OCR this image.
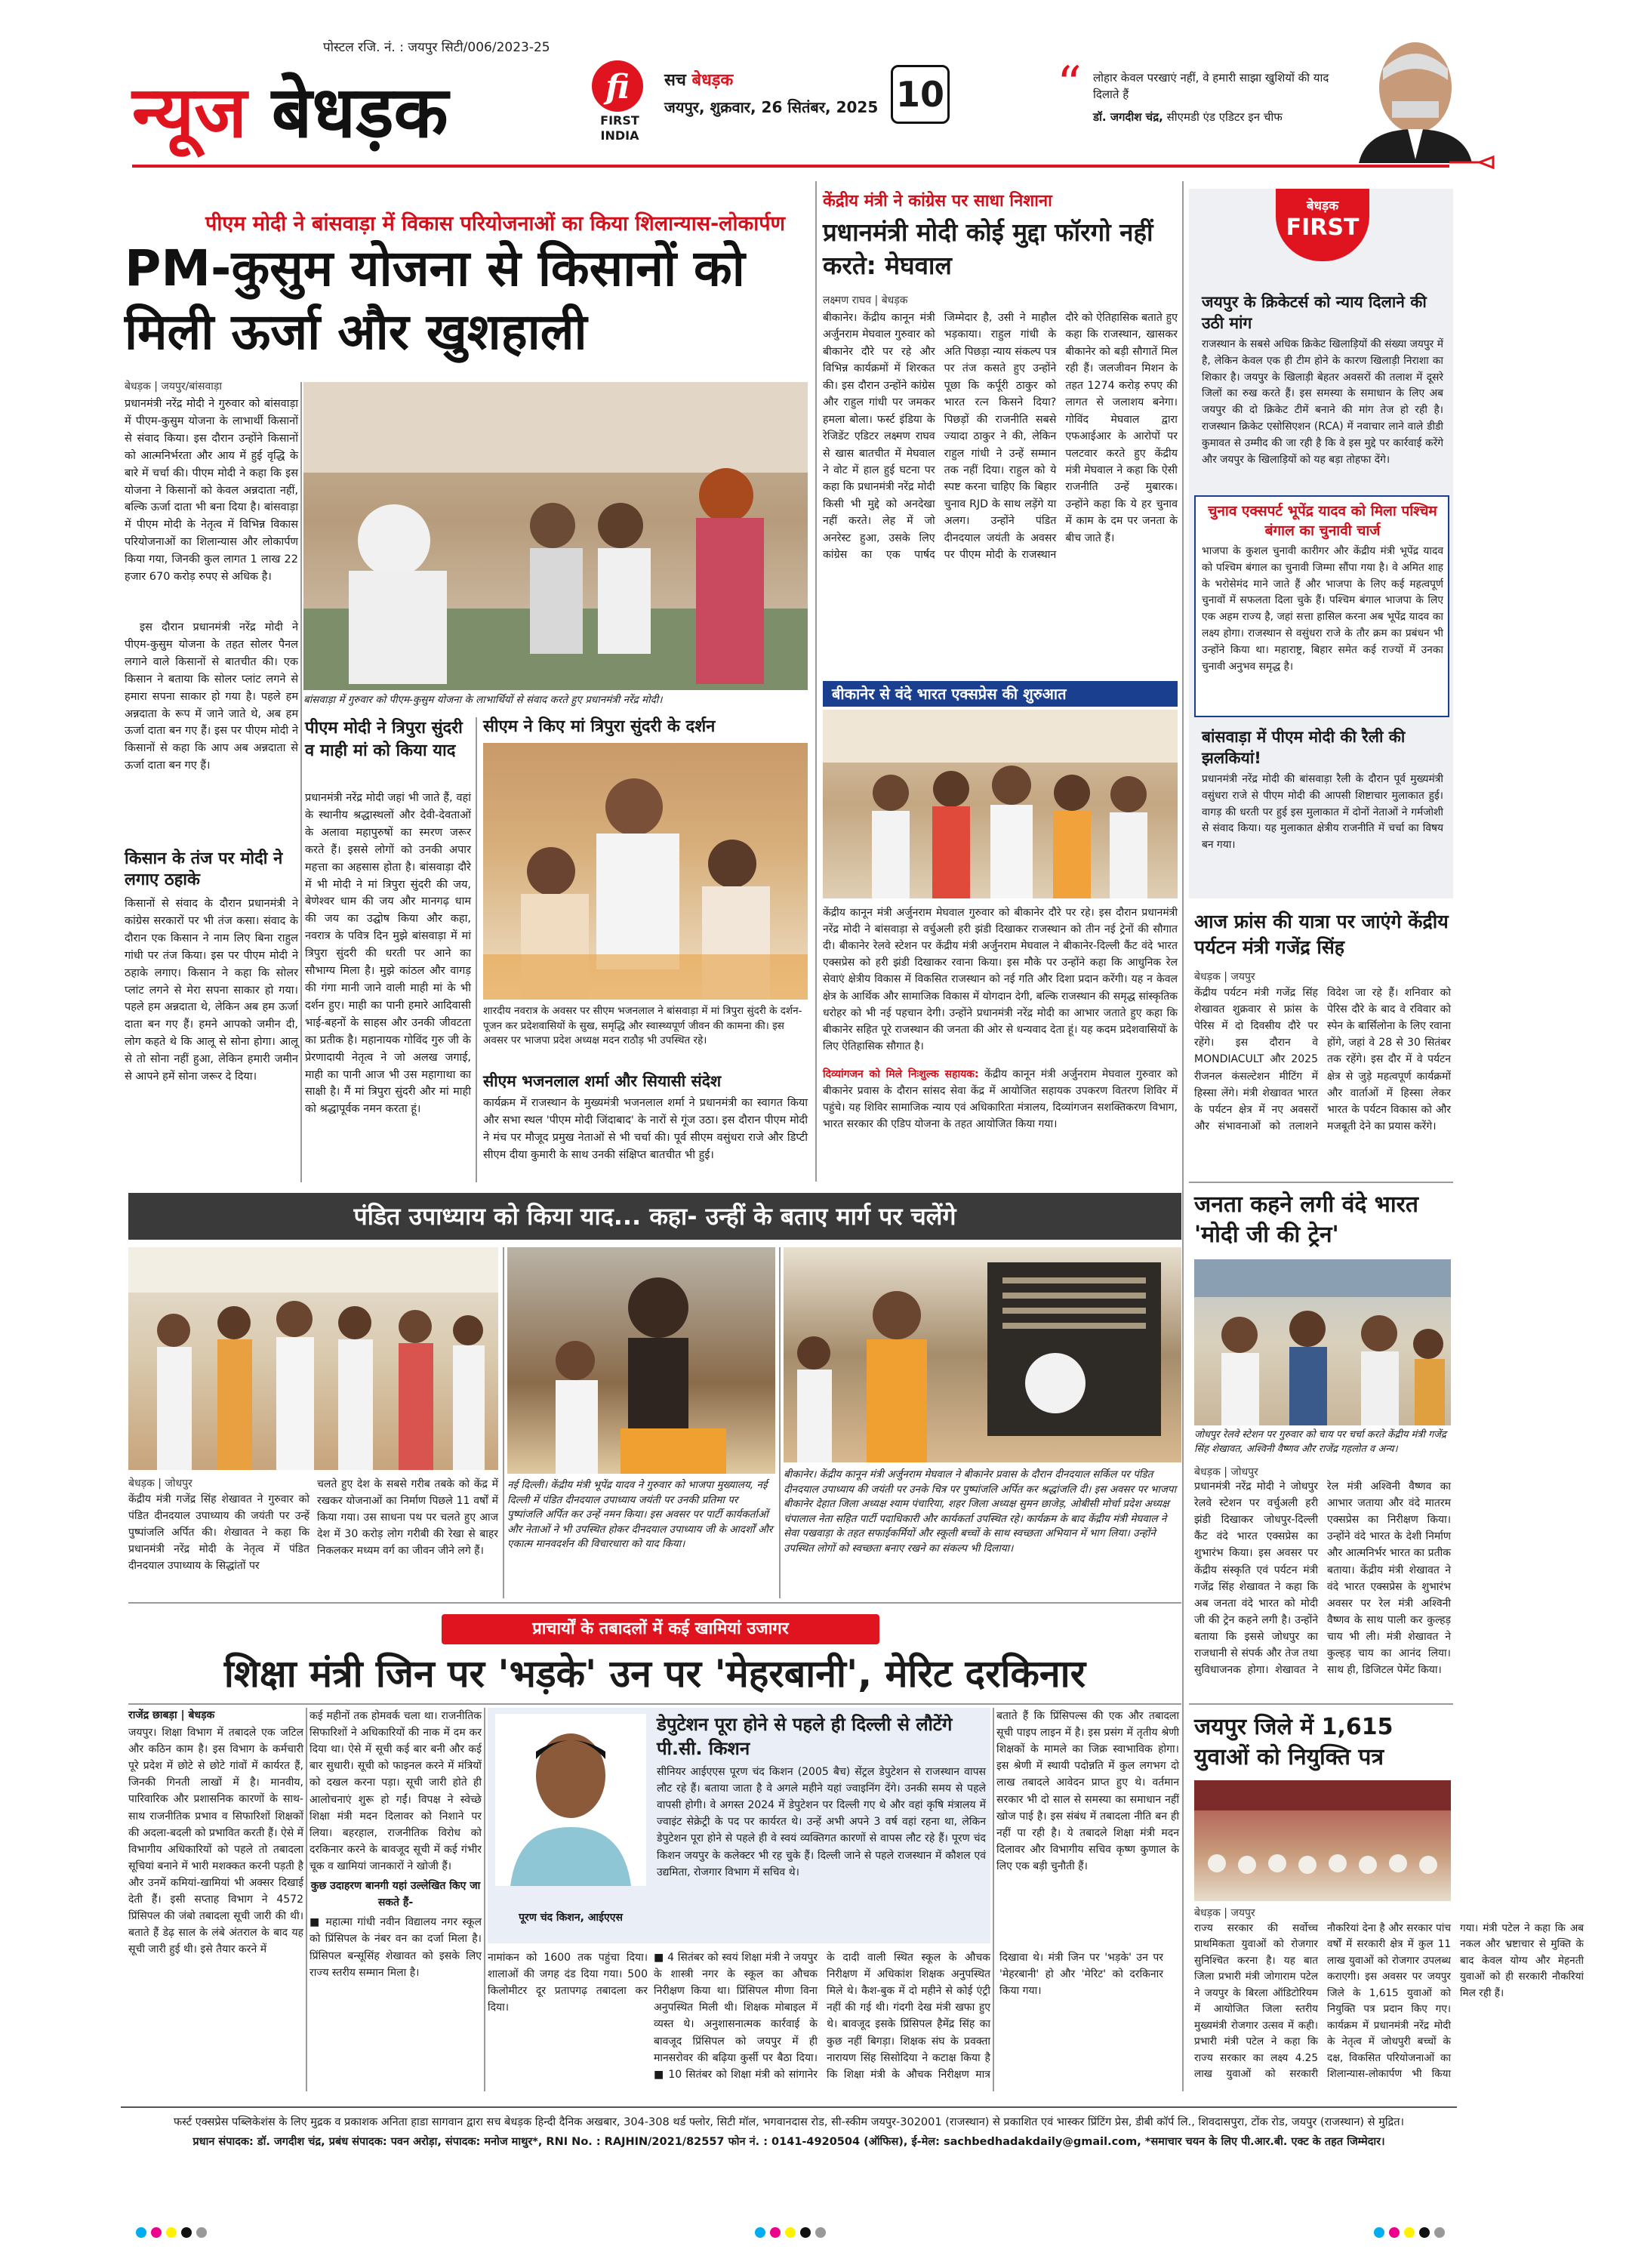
पोस्टल रजि. नं. : जयपुर सिटी/006/2023-25
न्यूज बेधड़क	fi
FIRST INDIA
सच बेधड़क
जयपुर, शुक्रवार, 26 सितंबर, 2025 10 “	लोहार केवल परखाएं नहीं, वे हमारी साझा खुशियों की याद दिलाते हैं
डॉ. जगदीश चंद्र, सीएमडी एंड एडिटर इन चीफ
पीएम मोदी ने बांसवाड़ा में विकास परियोजनाओं का किया शिलान्यास-लोकार्पण
PM-कुसुम योजना से किसानों को मिली ऊर्जा और खुशहाली
बेधड़क | जयपुर/बांसवाड़ा
प्रधानमंत्री नरेंद्र मोदी ने गुरुवार को बांसवाड़ा में पीएम-कुसुम योजना के लाभार्थी किसानों से संवाद किया। इस दौरान उन्होंने किसानों को आत्मनिर्भरता और आय में हुई वृद्धि के बारे में चर्चा की। पीएम मोदी ने कहा कि इस योजना ने किसानों को केवल अन्नदाता नहीं, बल्कि ऊर्जा दाता भी बना दिया है। बांसवाड़ा में पीएम मोदी के नेतृत्व में विभिन्न विकास परियोजनाओं का शिलान्यास और लोकार्पण किया गया, जिनकी कुल लागत 1 लाख 22 हजार 670 करोड़ रुपए से अधिक है।
इस दौरान प्रधानमंत्री नरेंद्र मोदी ने पीएम-कुसुम योजना के तहत सोलर पैनल लगाने वाले किसानों से बातचीत की। एक किसान ने बताया कि सोलर प्लांट लगने से हमारा सपना साकार हो गया है। पहले हम अन्नदाता के रूप में जाने जाते थे, अब हम ऊर्जा दाता बन गए हैं। इस पर पीएम मोदी ने किसानों से कहा कि आप अब अन्नदाता से ऊर्जा दाता बन गए हैं।
किसान के तंज पर मोदी ने लगाए ठहाके
किसानों से संवाद के दौरान प्रधानमंत्री ने कांग्रेस सरकारों पर भी तंज कसा। संवाद के दौरान एक किसान ने नाम लिए बिना राहुल गांधी पर तंज किया। इस पर पीएम मोदी ने ठहाके लगाए। किसान ने कहा कि सोलर प्लांट लगने से मेरा सपना साकार हो गया। पहले हम अन्नदाता थे, लेकिन अब हम ऊर्जा दाता बन गए हैं। हमने आपको जमीन दी, लोग कहते थे कि आलू से सोना होगा। आलू से तो सोना नहीं हुआ, लेकिन हमारी जमीन से आपने हमें सोना जरूर दे दिया।
बांसवाड़ा में गुरुवार को पीएम-कुसुम योजना के लाभार्थियों से संवाद करते हुए प्रधानमंत्री नरेंद्र मोदी।
पीएम मोदी ने त्रिपुरा सुंदरी व माही मां को किया याद
प्रधानमंत्री नरेंद्र मोदी जहां भी जाते हैं, वहां के स्थानीय श्रद्धास्थलों और देवी-देवताओं के अलावा महापुरुषों का स्मरण जरूर करते हैं। इससे लोगों को उनकी अपार महत्ता का अहसास होता है। बांसवाड़ा दौरे में भी मोदी ने मां त्रिपुरा सुंदरी की जय, बेणेश्वर धाम की जय और मानगढ़ धाम की जय का उद्घोष किया और कहा, नवरात्र के पवित्र दिन मुझे बांसवाड़ा में मां त्रिपुरा सुंदरी की धरती पर आने का सौभाग्य मिला है। मुझे कांठल और वागड़ की गंगा मानी जाने वाली माही मां के भी दर्शन हुए। माही का पानी हमारे आदिवासी भाई-बहनों के साहस और उनकी जीवटता का प्रतीक है। महानायक गोविंद गुरु जी के प्रेरणादायी नेतृत्व ने जो अलख जगाई, माही का पानी आज भी उस महागाथा का साक्षी है। मैं मां त्रिपुरा सुंदरी और मां माही को श्रद्धापूर्वक नमन करता हूं।
सीएम ने किए मां त्रिपुरा सुंदरी के दर्शन
शारदीय नवरात्र के अवसर पर सीएम भजनलाल ने बांसवाड़ा में मां त्रिपुरा सुंदरी के दर्शन-पूजन कर प्रदेशवासियों के सुख, समृद्धि और स्वास्थ्यपूर्ण जीवन की कामना की। इस अवसर पर भाजपा प्रदेश अध्यक्ष मदन राठौड़ भी उपस्थित रहे।
सीएम भजनलाल शर्मा और सियासी संदेश
कार्यक्रम में राजस्थान के मुख्यमंत्री भजनलाल शर्मा ने प्रधानमंत्री का स्वागत किया और सभा स्थल 'पीएम मोदी जिंदाबाद' के नारों से गूंज उठा। इस दौरान पीएम मोदी ने मंच पर मौजूद प्रमुख नेताओं से भी चर्चा की। पूर्व सीएम वसुंधरा राजे और डिप्टी सीएम दीया कुमारी के साथ उनकी संक्षिप्त बातचीत भी हुई।
केंद्रीय मंत्री ने कांग्रेस पर साधा निशाना
प्रधानमंत्री मोदी कोई मुद्दा फॉरगो नहीं करते: मेघवाल
लक्ष्मण राघव | बेधड़क
बीकानेर। केंद्रीय कानून मंत्री अर्जुनराम मेघवाल गुरुवार को बीकानेर दौरे पर रहे और विभिन्न कार्यक्रमों में शिरकत की। इस दौरान उन्होंने कांग्रेस और राहुल गांधी पर जमकर हमला बोला। फर्स्ट इंडिया के रेजिडेंट एडिटर लक्ष्मण राघव से खास बातचीत में मेघवाल ने वोट में हाल हुई घटना पर कहा कि प्रधानमंत्री नरेंद्र मोदी किसी भी मुद्दे को अनदेखा नहीं करते। लेह में जो अनरेस्ट हुआ, उसके लिए कांग्रेस का एक पार्षद जिम्मेदार है, उसी ने माहौल भड़काया। राहुल गांधी के अति पिछड़ा न्याय संकल्प पत्र पर तंज कसते हुए उन्होंने पूछा कि कर्पूरी ठाकुर को भारत रत्न किसने दिया? पिछड़ों की राजनीति सबसे ज्यादा ठाकुर ने की, लेकिन राहुल गांधी ने उन्हें सम्मान तक नहीं दिया। राहुल को ये स्पष्ट करना चाहिए कि बिहार चुनाव RJD के साथ लड़ेंगे या अलग। उन्होंने पंडित दीनदयाल जयंती के अवसर पर पीएम मोदी के राजस्थान दौरे को ऐतिहासिक बताते हुए कहा कि राजस्थान, खासकर बीकानेर को बड़ी सौगातें मिल रही हैं। जलजीवन मिशन के तहत 1274 करोड़ रुपए की लागत से जलाशय बनेगा। गोविंद मेघवाल द्वारा एफआईआर के आरोपों पर पलटवार करते हुए केंद्रीय मंत्री मेघवाल ने कहा कि ऐसी राजनीति उन्हें मुबारक। उन्होंने कहा कि ये हर चुनाव में काम के दम पर जनता के बीच जाते हैं।
बीकानेर से वंदे भारत एक्सप्रेस की शुरुआत
केंद्रीय कानून मंत्री अर्जुनराम मेघवाल गुरुवार को बीकानेर दौरे पर रहे। इस दौरान प्रधानमंत्री नरेंद्र मोदी ने बांसवाड़ा से वर्चुअली हरी झंडी दिखाकर राजस्थान को तीन नई ट्रेनों की सौगात दी। बीकानेर रेलवे स्टेशन पर केंद्रीय मंत्री अर्जुनराम मेघवाल ने बीकानेर-दिल्ली कैंट वंदे भारत एक्सप्रेस को हरी झंडी दिखाकर रवाना किया। इस मौके पर उन्होंने कहा कि आधुनिक रेल सेवाएं क्षेत्रीय विकास में विकसित राजस्थान को नई गति और दिशा प्रदान करेंगी। यह न केवल क्षेत्र के आर्थिक और सामाजिक विकास में योगदान देगी, बल्कि राजस्थान की समृद्ध सांस्कृतिक धरोहर को भी नई पहचान देगी। उन्होंने प्रधानमंत्री नरेंद्र मोदी का आभार जताते हुए कहा कि बीकानेर सहित पूरे राजस्थान की जनता की ओर से धन्यवाद देता हूं। यह कदम प्रदेशवासियों के लिए ऐतिहासिक सौगात है।
दिव्यांगजन को मिले निःशुल्क सहायक: केंद्रीय कानून मंत्री अर्जुनराम मेघवाल गुरुवार को बीकानेर प्रवास के दौरान सांसद सेवा केंद्र में आयोजित सहायक उपकरण वितरण शिविर में पहुंचे। यह शिविर सामाजिक न्याय एवं अधिकारिता मंत्रालय, दिव्यांगजन सशक्तिकरण विभाग, भारत सरकार की एडिप योजना के तहत आयोजित किया गया।
बेधड़क
FIRST
जयपुर के क्रिकेटर्स को न्याय दिलाने की उठी मांग
राजस्थान के सबसे अधिक क्रिकेट खिलाड़ियों की संख्या जयपुर में है, लेकिन केवल एक ही टीम होने के कारण खिलाड़ी निराशा का शिकार है। जयपुर के खिलाड़ी बेहतर अवसरों की तलाश में दूसरे जिलों का रुख करते हैं। इस समस्या के समाधान के लिए अब जयपुर की दो क्रिकेट टीमें बनाने की मांग तेज हो रही है। राजस्थान क्रिकेट एसोसिएशन (RCA) में नवाचार लाने वाले डीडी कुमावत से उम्मीद की जा रही है कि वे इस मुद्दे पर कार्रवाई करेंगे और जयपुर के खिलाड़ियों को यह बड़ा तोहफा देंगे।
चुनाव एक्सपर्ट भूपेंद्र यादव को मिला पश्चिम बंगाल का चुनावी चार्ज
भाजपा के कुशल चुनावी कारीगर और केंद्रीय मंत्री भूपेंद्र यादव को पश्चिम बंगाल का चुनावी जिम्मा सौंपा गया है। वे अमित शाह के भरोसेमंद माने जाते हैं और भाजपा के लिए कई महत्वपूर्ण चुनावों में सफलता दिला चुके हैं। पश्चिम बंगाल भाजपा के लिए एक अहम राज्य है, जहां सत्ता हासिल करना अब भूपेंद्र यादव का लक्ष्य होगा। राजस्थान से वसुंधरा राजे के तौर क्रम का प्रबंधन भी उन्होंने किया था। महाराष्ट्र, बिहार समेत कई राज्यों में उनका चुनावी अनुभव समृद्ध है।
बांसवाड़ा में पीएम मोदी की रैली की झलकियां!
प्रधानमंत्री नरेंद्र मोदी की बांसवाड़ा रैली के दौरान पूर्व मुख्यमंत्री वसुंधरा राजे से पीएम मोदी की आपसी शिष्टाचार मुलाकात हुई। वागड़ की धरती पर हुई इस मुलाकात में दोनों नेताओं ने गर्मजोशी से संवाद किया। यह मुलाकात क्षेत्रीय राजनीति में चर्चा का विषय बन गया।
आज फ्रांस की यात्रा पर जाएंगे केंद्रीय पर्यटन मंत्री गजेंद्र सिंह
बेधड़क | जयपुर
केंद्रीय पर्यटन मंत्री गजेंद्र सिंह शेखावत शुक्रवार से फ्रांस के पेरिस में दो दिवसीय दौरे पर रहेंगे। इस दौरान वे MONDIACULT और 2025 रीजनल कंसल्टेशन मीटिंग में हिस्सा लेंगे। मंत्री शेखावत भारत के पर्यटन क्षेत्र में नए अवसरों और संभावनाओं को तलाशने विदेश जा रहे हैं। शनिवार को पेरिस दौरे के बाद वे रविवार को स्पेन के बार्सिलोना के लिए रवाना होंगे, जहां वे 28 से 30 सितंबर तक रहेंगे। इस दौर में वे पर्यटन क्षेत्र से जुड़े महत्वपूर्ण कार्यक्रमों और वार्ताओं में हिस्सा लेकर भारत के पर्यटन विकास को और मजबूती देने का प्रयास करेंगे।
जनता कहने लगी वंदे भारत 'मोदी जी की ट्रेन'
जोधपुर रेलवे स्टेशन पर गुरुवार को चाय पर चर्चा करते केंद्रीय मंत्री गजेंद्र सिंह शेखावत, अश्विनी वैष्णव और राजेंद्र गहलोत व अन्य।
बेधड़क | जोधपुर
प्रधानमंत्री नरेंद्र मोदी ने जोधपुर रेलवे स्टेशन पर वर्चुअली हरी झंडी दिखाकर जोधपुर-दिल्ली कैंट वंदे भारत एक्सप्रेस का शुभारंभ किया। इस अवसर पर केंद्रीय संस्कृति एवं पर्यटन मंत्री गजेंद्र सिंह शेखावत ने कहा कि अब जनता वंदे भारत को मोदी जी की ट्रेन कहने लगी है। उन्होंने बताया कि इससे जोधपुर का राजधानी से संपर्क और तेज तथा सुविधाजनक होगा। शेखावत ने रेल मंत्री अश्विनी वैष्णव का आभार जताया और वंदे मातरम एक्सप्रेस का निरीक्षण किया। उन्होंने वंदे भारत के देशी निर्माण और आत्मनिर्भर भारत का प्रतीक बताया। केंद्रीय मंत्री शेखावत ने वंदे भारत एक्सप्रेस के शुभारंभ अवसर पर रेल मंत्री अश्विनी वैष्णव के साथ पाली कर कुल्हड़ चाय भी ली। मंत्री शेखावत ने कुल्हड़ चाय का आनंद लिया। साथ ही, डिजिटल पेमेंट किया।
जयपुर जिले में 1,615 युवाओं को नियुक्ति पत्र
बेधड़क | जयपुर
राज्य सरकार की सर्वोच्च प्राथमिकता युवाओं को रोजगार सुनिश्चित करना है। यह बात जिला प्रभारी मंत्री जोगाराम पटेल ने जयपुर के बिरला ऑडिटोरियम में आयोजित जिला स्तरीय मुख्यमंत्री रोजगार उत्सव में कही। प्रभारी मंत्री पटेल ने कहा कि राज्य सरकार का लक्ष्य 4.25 लाख युवाओं को सरकारी नौकरियां देना है और सरकार पांच वर्षों में सरकारी क्षेत्र में कुल 11 लाख युवाओं को रोजगार उपलब्ध कराएगी। इस अवसर पर जयपुर जिले के 1,615 युवाओं को नियुक्ति पत्र प्रदान किए गए। कार्यक्रम में प्रधानमंत्री नरेंद्र मोदी के नेतृत्व में जोधपुरी बच्चों के दक्ष, विकसित परियोजनाओं का शिलान्यास-लोकार्पण भी किया गया। मंत्री पटेल ने कहा कि अब नकल और भ्रष्टाचार से मुक्ति के बाद केवल योग्य और मेहनती युवाओं को ही सरकारी नौकरियां मिल रही हैं।
पंडित उपाध्याय को किया याद... कहा- उन्हीं के बताए मार्ग पर चलेंगे
बेधड़क | जोधपुर
केंद्रीय मंत्री गजेंद्र सिंह शेखावत ने गुरुवार को पंडित दीनदयाल उपाध्याय की जयंती पर उन्हें पुष्पांजलि अर्पित की। शेखावत ने कहा कि प्रधानमंत्री नरेंद्र मोदी के नेतृत्व में पंडित दीनदयाल उपाध्याय के सिद्धांतों पर
चलते हुए देश के सबसे गरीब तबके को केंद्र में रखकर योजनाओं का निर्माण पिछले 11 वर्षों में किया गया। उस साधना पथ पर चलते हुए आज देश में 30 करोड़ लोग गरीबी की रेखा से बाहर निकलकर मध्यम वर्ग का जीवन जीने लगे हैं।
नई दिल्ली। केंद्रीय मंत्री भूपेंद्र यादव ने गुरुवार को भाजपा मुख्यालय, नई दिल्ली में पंडित दीनदयाल उपाध्याय जयंती पर उनकी प्रतिमा पर पुष्पांजलि अर्पित कर उन्हें नमन किया। इस अवसर पर पार्टी कार्यकर्ताओं और नेताओं ने भी उपस्थित होकर दीनदयाल उपाध्याय जी के आदर्शों और एकात्म मानवदर्शन की विचारधारा को याद किया।
बीकानेर। केंद्रीय कानून मंत्री अर्जुनराम मेघवाल ने बीकानेर प्रवास के दौरान दीनदयाल सर्किल पर पंडित दीनदयाल उपाध्याय की जयंती पर उनके चित्र पर पुष्पांजलि अर्पित कर श्रद्धांजलि दी। इस अवसर पर भाजपा बीकानेर देहात जिला अध्यक्ष श्याम पंचारिया, शहर जिला अध्यक्ष सुमन छाजेड़, ओबीसी मोर्चा प्रदेश अध्यक्ष चंपालाल नेता सहित पार्टी पदाधिकारी और कार्यकर्ता उपस्थित रहे। कार्यक्रम के बाद केंद्रीय मंत्री मेघवाल ने सेवा पखवाड़ा के तहत सफाईकर्मियों और स्कूली बच्चों के साथ स्वच्छता अभियान में भाग लिया। उन्होंने उपस्थित लोगों को स्वच्छता बनाए रखने का संकल्प भी दिलाया।
प्राचार्यों के तबादलों में कई खामियां उजागर
शिक्षा मंत्री जिन पर 'भड़के' उन पर 'मेहरबानी', मेरिट दरकिनार
राजेंद्र छाबड़ा | बेधड़क
जयपुर। शिक्षा विभाग में तबादले एक जटिल और कठिन काम है। इस विभाग के कर्मचारी पूरे प्रदेश में छोटे से छोटे गांवों में कार्यरत हैं, जिनकी गिनती लाखों में है। मानवीय, पारिवारिक और प्रशासनिक कारणों के साथ-साथ राजनीतिक प्रभाव व सिफारिशों शिक्षकों की अदला-बदली को प्रभावित करती हैं। ऐसे में विभागीय अधिकारियों को पहले तो तबादला सूचियां बनाने में भारी मशक्कत करनी पड़ती है और उनमें कमियां-खामियां भी अक्सर दिखाई देती हैं। इसी सप्ताह विभाग ने 4572 प्रिंसिपल की जंबो तबादला सूची जारी की थी। बताते हैं डेढ़ साल के लंबे अंतराल के बाद यह सूची जारी हुई थी। इसे तैयार करने में
कई महीनों तक होमवर्क चला था। राजनीतिक सिफारिशों ने अधिकारियों की नाक में दम कर दिया था। ऐसे में सूची कई बार बनी और कई बार सुधारी। सूची को फाइनल करने में मंत्रियों को दखल करना पड़ा। सूची जारी होते ही आलोचनाएं शुरू हो गईं। विपक्ष ने स्वेच्छे शिक्षा मंत्री मदन दिलावर को निशाने पर लिया। बहरहाल, राजनीतिक विरोध को दरकिनार करने के बावजूद सूची में कई गंभीर चूक व खामियां जानकारों ने खोजी हैं।
कुछ उदाहरण बानगी यहां उल्लेखित किए जा सकते हैं-
■ महात्मा गांधी नवीन विद्यालय नगर स्कूल को प्रिंसिपल के नंबर वन का दर्जा मिला है। प्रिंसिपल बन्सूसिंह शेखावत को इसके लिए राज्य स्तरीय सम्मान मिला है।
पूरण चंद किशन, आईएएस
डेपुटेशन पूरा होने से पहले ही दिल्ली से लौटेंगे पी.सी. किशन
सीनियर आईएएस पूरण चंद किशन (2005 बैच) सेंट्रल डेपुटेशन से राजस्थान वापस लौट रहे हैं। बताया जाता है वे अगले महीने यहां ज्वाइनिंग देंगे। उनकी समय से पहले वापसी होगी। वे अगस्त 2024 में डेपुटेशन पर दिल्ली गए थे और वहां कृषि मंत्रालय में ज्वाइंट सेक्रेट्री के पद पर कार्यरत थे। उन्हें अभी अपने 3 वर्ष वहां रहना था, लेकिन डेपुटेशन पूरा होने से पहले ही वे स्वयं व्यक्तिगत कारणों से वापस लौट रहे हैं। पूरण चंद किशन जयपुर के कलेक्टर भी रह चुके हैं। दिल्ली जाने से पहले राजस्थान में कौशल एवं उद्यमिता, रोजगार विभाग में सचिव थे।
नामांकन को 1600 तक पहुंचा दिया। शालाओं की जगह दंड दिया गया। 500 किलोमीटर दूर प्रतापगढ़ तबादला कर दिया।
■ 4 सितंबर को स्वयं शिक्षा मंत्री ने जयपुर के शास्त्री नगर के स्कूल का औचक निरीक्षण किया था। प्रिंसिपल मीणा विना अनुपस्थित मिली थी। शिक्षक मोबाइल में व्यस्त थे। अनुशासनात्मक कार्रवाई के बावजूद प्रिंसिपल को जयपुर में ही मानसरोवर की बढ़िया कुर्सी पर बैठा दिया। ■ 10 सितंबर को शिक्षा मंत्री को सांगानेर के दादी वाली स्थित स्कूल के औचक निरीक्षण में अधिकांश शिक्षक अनुपस्थित मिले थे। कैश-बुक में दो महीने से कोई एंट्री नहीं की गई थी। गंदगी देख मंत्री खफा हुए थे। बावजूद इसके प्रिंसिपल हैमेंद्र सिंह का कुछ नहीं बिगड़ा। शिक्षक संघ के प्रवक्ता नारायण सिंह सिसोदिया ने कटाक्ष किया है कि शिक्षा मंत्री के औचक निरीक्षण मात्र दिखावा थे। मंत्री जिन पर 'भड़के' उन पर 'मेहरबानी' हो और 'मेरिट' को दरकिनार किया गया।
बताते हैं कि प्रिंसिपल्स की एक और तबादला सूची पाइप लाइन में है। इस प्रसंग में तृतीय श्रेणी शिक्षकों के मामले का जिक्र स्वाभाविक होगा। इस श्रेणी में स्थायी पदोन्नति में कुल लगभग दो लाख तबादले आवेदन प्राप्त हुए थे। वर्तमान सरकार भी दो साल से समस्या का समाधान नहीं खोज पाई है। इस संबंध में तबादला नीति बन ही नहीं पा रही है। ये तबादले शिक्षा मंत्री मदन दिलावर और विभागीय सचिव कृष्ण कुणाल के लिए एक बड़ी चुनौती हैं।
फर्स्ट एक्सप्रेस पब्लिकेशंस के लिए मुद्रक व प्रकाशक अनिता हाडा सागवान द्वारा सच बेधड़क हिन्दी दैनिक अखबार, 304-308 थर्ड फ्लोर, सिटी मॉल, भगवानदास रोड, सी-स्कीम जयपुर-302001 (राजस्थान) से प्रकाशित एवं भास्कर प्रिंटिंग प्रेस, डीबी कॉर्प लि., शिवदासपुरा, टोंक रोड, जयपुर (राजस्थान) से मुद्रित।
प्रधान संपादक: डॉ. जगदीश चंद्र, प्रबंध संपादक: पवन अरोड़ा, संपादक: मनोज माथुर*, RNI No. : RAJHIN/2021/82557 फोन नं. : 0141-4920504 (ऑफिस), ई-मेल: sachbedhadakdaily@gmail.com, *समाचार चयन के लिए पी.आर.बी. एक्ट के तहत जिम्मेदार।
